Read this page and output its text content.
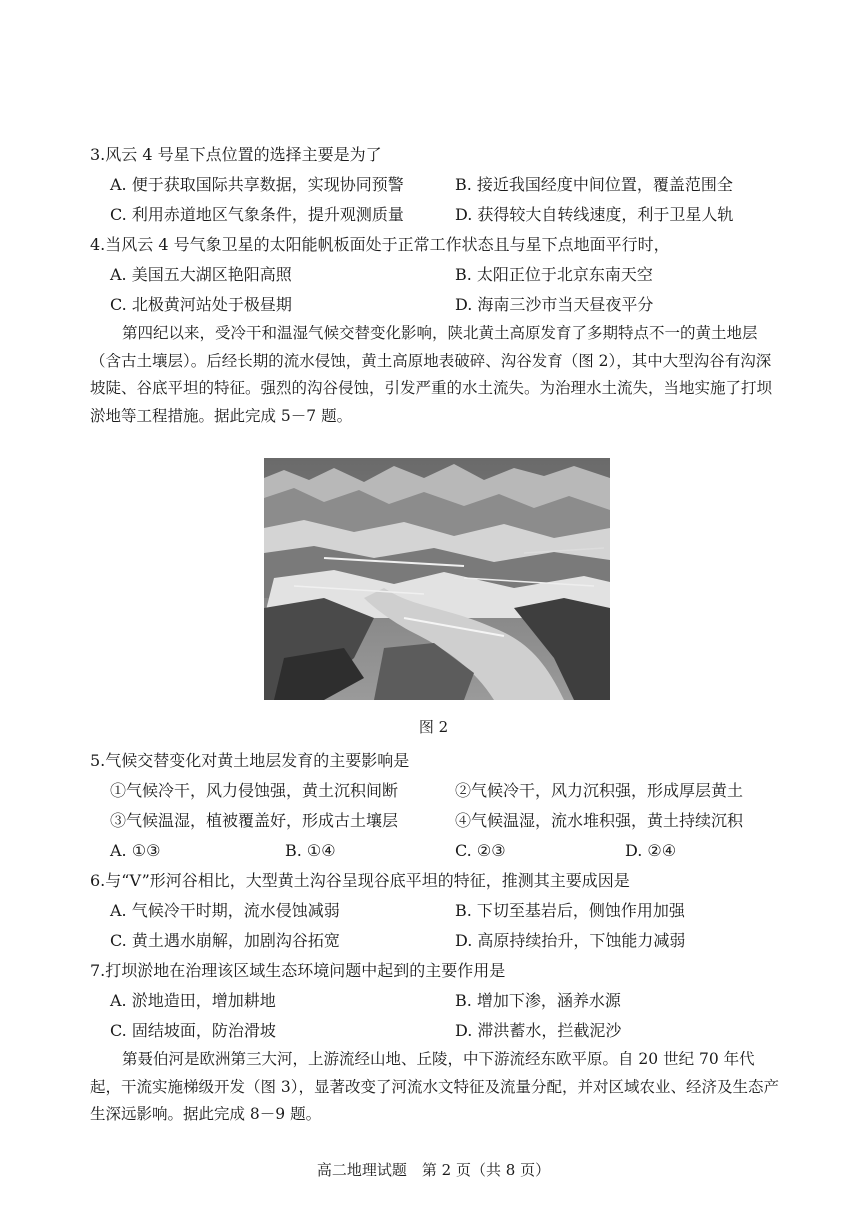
3.风云 4 号星下点位置的选择主要是为了
A. 便于获取国际共享数据，实现协同预警	B. 接近我国经度中间位置，覆盖范围全
C. 利用赤道地区气象条件，提升观测质量	D. 获得较大自转线速度，利于卫星人轨
4.当风云 4 号气象卫星的太阳能帆板面处于正常工作状态且与星下点地面平行时，
A. 美国五大湖区艳阳高照	B. 太阳正位于北京东南天空
C. 北极黄河站处于极昼期	D. 海南三沙市当天昼夜平分

第四纪以来，受冷干和温湿气候交替变化影响，陕北黄土高原发育了多期特点不一的黄土地层（含古土壤层）。后经长期的流水侵蚀，黄土高原地表破碎、沟谷发育（图 2），其中大型沟谷有沟深坡陡、谷底平坦的特征。强烈的沟谷侵蚀，引发严重的水土流失。为治理水土流失，当地实施了打坝淤地等工程措施。据此完成 5－7 题。

图 2
5.气候交替变化对黄土地层发育的主要影响是
①气候冷干，风力侵蚀强，黄土沉积间断	②气候冷干，风力沉积强，形成厚层黄土
③气候温湿，植被覆盖好，形成古土壤层	④气候温湿，流水堆积强，黄土持续沉积
A. ①③	B. ①④	C. ②③	D. ②④
6.与“V”形河谷相比，大型黄土沟谷呈现谷底平坦的特征，推测其主要成因是
A. 气候冷干时期，流水侵蚀减弱	B. 下切至基岩后，侧蚀作用加强
C. 黄土遇水崩解，加剧沟谷拓宽	D. 高原持续抬升，下蚀能力减弱
7.打坝淤地在治理该区域生态环境问题中起到的主要作用是
A. 淤地造田，增加耕地	B. 增加下渗，涵养水源
C. 固结坡面，防治滑坡	D. 滞洪蓄水，拦截泥沙

第聂伯河是欧洲第三大河，上游流经山地、丘陵，中下游流经东欧平原。自 20 世纪 70 年代起，干流实施梯级开发（图 3），显著改变了河流水文特征及流量分配，并对区域农业、经济及生态产生深远影响。据此完成 8－9 题。

高二地理试题　第 2 页（共 8 页）
